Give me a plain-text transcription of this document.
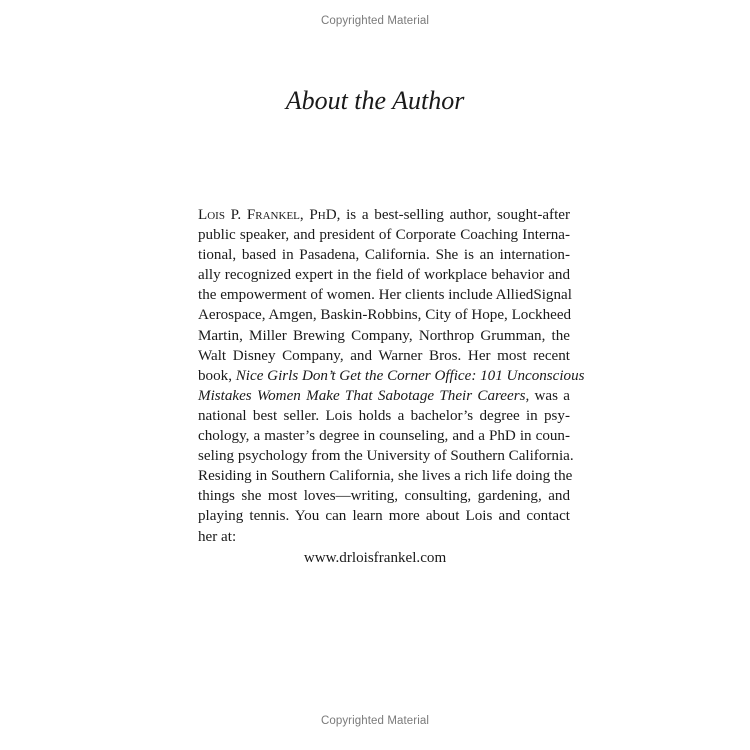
Copyrighted Material
About the Author
Lois P. Frankel, PhD, is a best-selling author, sought-after
public speaker, and president of Corporate Coaching Interna-
tional, based in Pasadena, California. She is an internation-
ally recognized expert in the field of workplace behavior and
the empowerment of women. Her clients include AlliedSignal
Aerospace, Amgen, Baskin-Robbins, City of Hope, Lockheed
Martin, Miller Brewing Company, Northrop Grumman, the
Walt Disney Company, and Warner Bros. Her most recent
book, Nice Girls Don’t Get the Corner Office: 101 Unconscious
Mistakes Women Make That Sabotage Their Careers, was a
national best seller. Lois holds a bachelor’s degree in psy-
chology, a master’s degree in counseling, and a PhD in coun-
seling psychology from the University of Southern California.
Residing in Southern California, she lives a rich life doing the
things she most loves—writing, consulting, gardening, and
playing tennis. You can learn more about Lois and contact
her at:

www.drloisfrankel.com

Copyrighted Material
